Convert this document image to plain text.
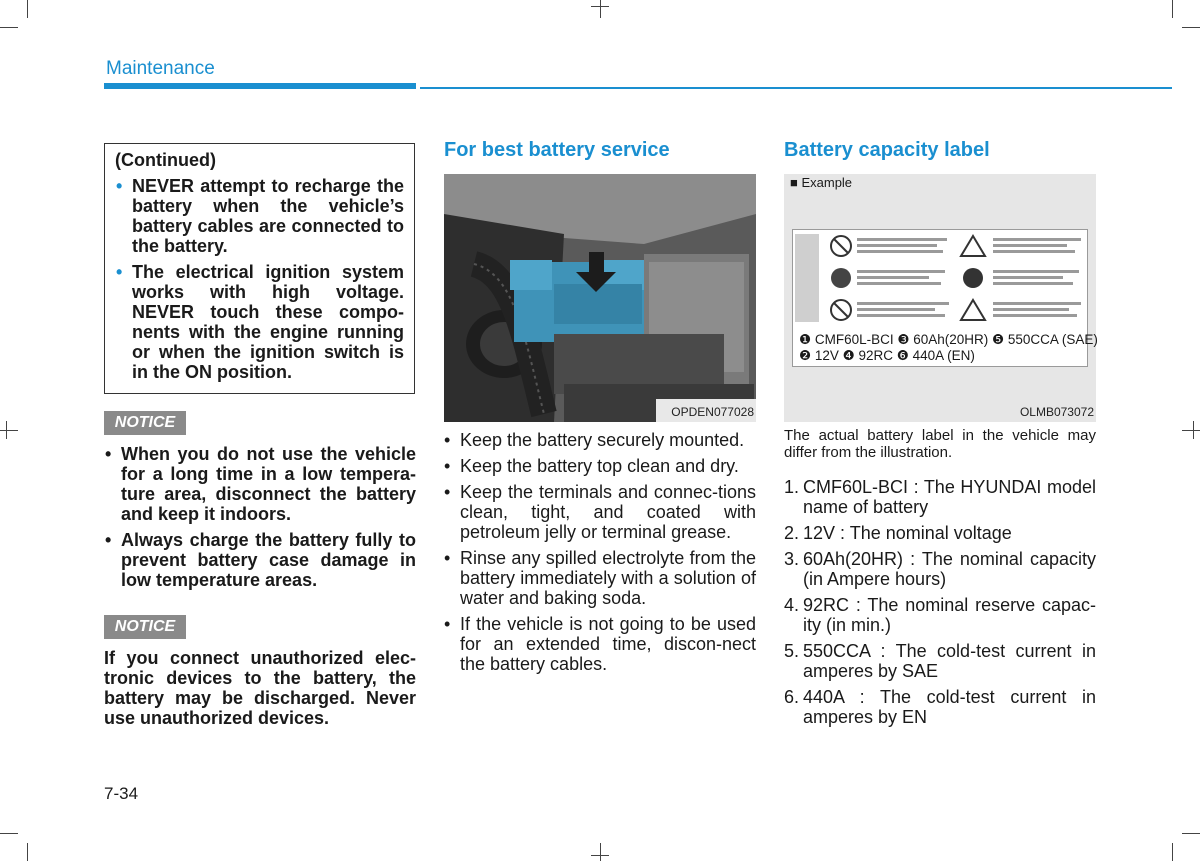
Maintenance

(Continued)

• NEVER attempt to recharge the battery when the vehicle’s battery cables are connected to the battery.
• The electrical ignition system works with high voltage. NEVER touch these compo-nents with the engine running or when the ignition switch is in the ON position.
NOTICE
• When you do not use the vehicle for a long time in a low tempera-ture area, disconnect the battery and keep it indoors.
• Always charge the battery fully to prevent battery case damage in low temperature areas.
NOTICE

If you connect unauthorized elec-tronic devices to the battery, the battery may be discharged. Never use unauthorized devices.

For best battery service
OPDEN077028
• Keep the battery securely mounted.
• Keep the battery top clean and dry.
• Keep the terminals and connec-tions clean, tight, and coated with petroleum jelly or terminal grease.
• Rinse any spilled electrolyte from the battery immediately with a solution of water and baking soda.
• If the vehicle is not going to be used for an extended time, discon-nect the battery cables.
Battery capacity label
■ Example
❶ CMF60L-BCI ❸ 60Ah(20HR) ❺ 550CCA (SAE)
❷ 12V ❹ 92RC ❻ 440A (EN)
OLMB073072

The actual battery label in the vehicle may differ from the illustration.

1. CMF60L-BCI : The HYUNDAI model name of battery
2. 12V : The nominal voltage
3. 60Ah(20HR) : The nominal capacity (in Ampere hours)
4. 92RC : The nominal reserve capac-ity (in min.)
5. 550CCA : The cold-test current in amperes by SAE
6. 440A : The cold-test current in amperes by EN
7-34
